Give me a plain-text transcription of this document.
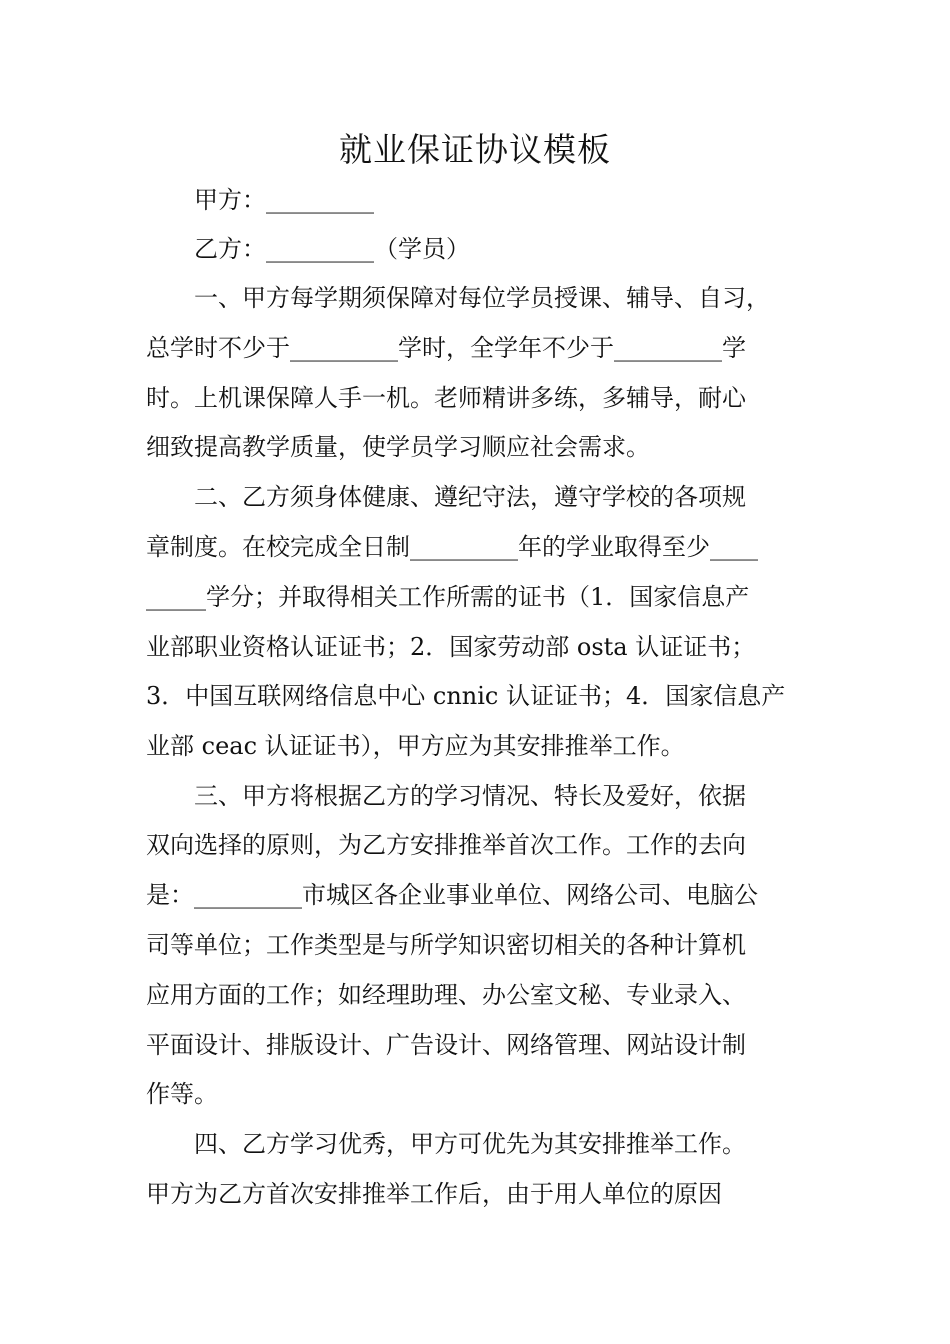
就业保证协议模板

　　甲方：_________

　　乙方：_________（学员）

　　一、甲方每学期须保障对每位学员授课、辅导、自习，

总学时不少于_________学时，全学年不少于_________学

时。上机课保障人手一机。老师精讲多练，多辅导，耐心

细致提高教学质量，使学员学习顺应社会需求。

　　二、乙方须身体健康、遵纪守法，遵守学校的各项规

章制度。在校完成全日制_________年的学业取得至少____

_____学分；并取得相关工作所需的证书（1．国家信息产

业部职业资格认证证书；2．国家劳动部 osta 认证证书；

3．中国互联网络信息中心 cnnic 认证证书；4．国家信息产

业部 ceac 认证证书），甲方应为其安排推举工作。

　　三、甲方将根据乙方的学习情况、特长及爱好，依据

双向选择的原则，为乙方安排推举首次工作。工作的去向

是：_________市城区各企业事业单位、网络公司、电脑公

司等单位；工作类型是与所学知识密切相关的各种计算机

应用方面的工作；如经理助理、办公室文秘、专业录入、

平面设计、排版设计、广告设计、网络管理、网站设计制

作等。

　　四、乙方学习优秀，甲方可优先为其安排推举工作。

甲方为乙方首次安排推举工作后，由于用人单位的原因
